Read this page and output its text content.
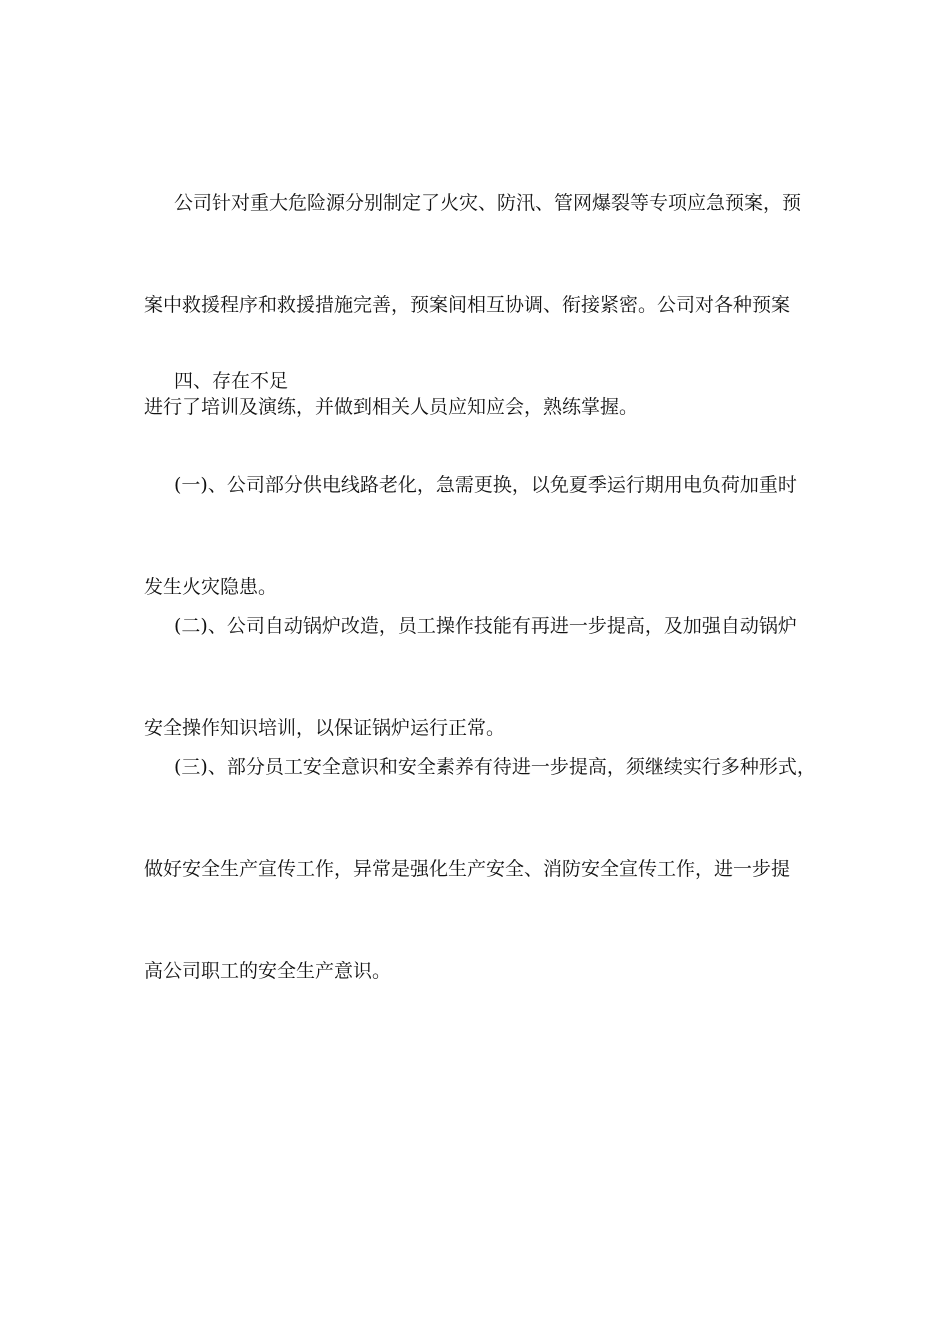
公司针对重大危险源分别制定了火灾、防汛、管网爆裂等专项应急预案，预

案中救援程序和救援措施完善，预案间相互协调、衔接紧密。公司对各种预案

进行了培训及演练，并做到相关人员应知应会，熟练掌握。

四、存在不足

(一)、公司部分供电线路老化，急需更换，以免夏季运行期用电负荷加重时

发生火灾隐患。

(二)、公司自动锅炉改造，员工操作技能有再进一步提高，及加强自动锅炉

安全操作知识培训，以保证锅炉运行正常。

(三)、部分员工安全意识和安全素养有待进一步提高，须继续实行多种形式，

做好安全生产宣传工作，异常是强化生产安全、消防安全宣传工作，进一步提

高公司职工的安全生产意识。
